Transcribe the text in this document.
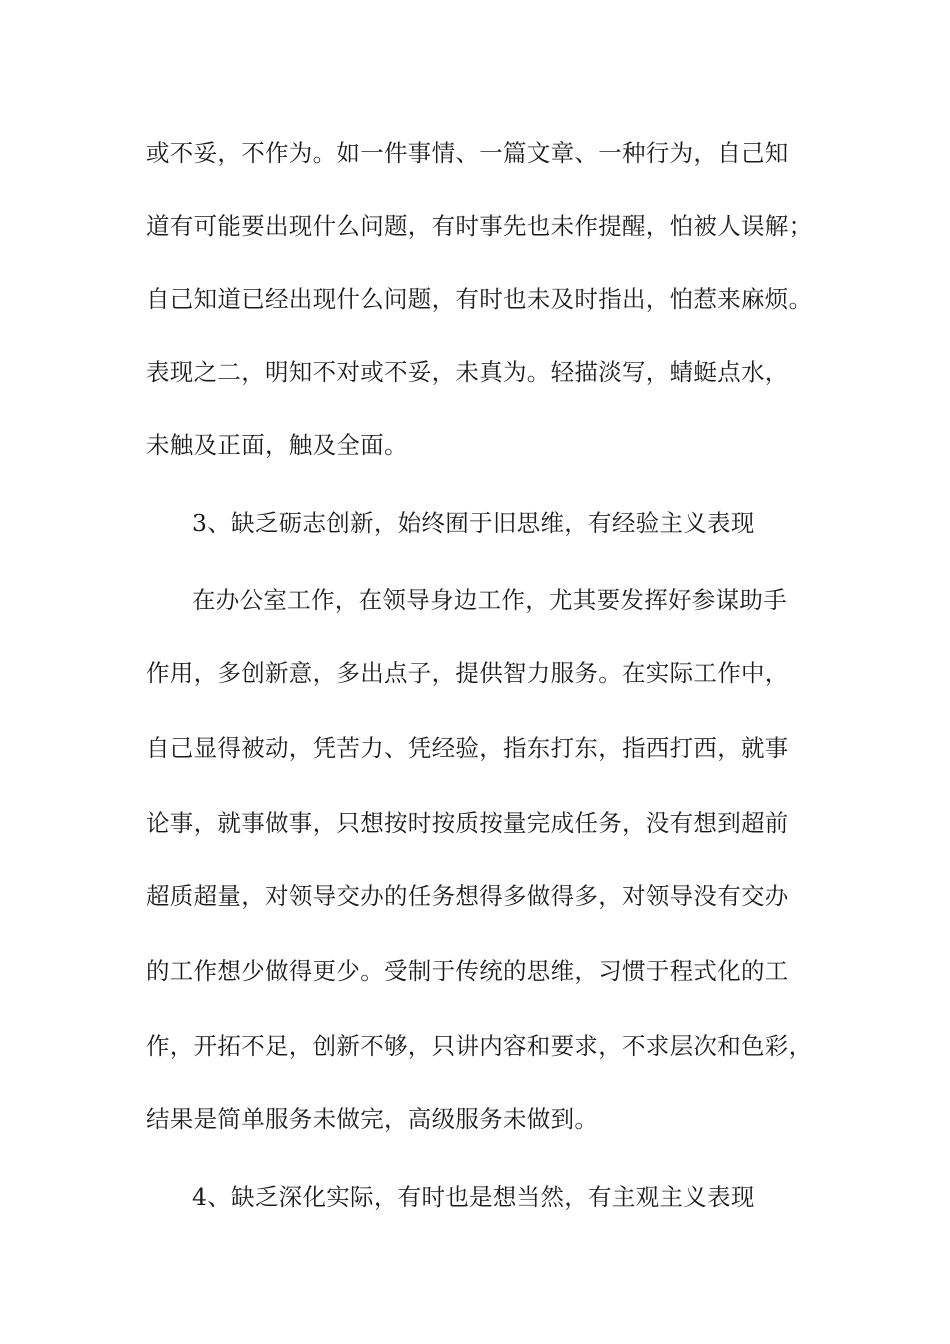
或不妥，不作为。如一件事情、一篇文章、一种行为，自己知
道有可能要出现什么问题，有时事先也未作提醒，怕被人误解；
自己知道已经出现什么问题，有时也未及时指出，怕惹来麻烦。
表现之二，明知不对或不妥，未真为。轻描淡写，蜻蜓点水，
未触及正面，触及全面。
3、缺乏砺志创新，始终囿于旧思维，有经验主义表现
在办公室工作，在领导身边工作，尤其要发挥好参谋助手
作用，多创新意，多出点子，提供智力服务。在实际工作中，
自己显得被动，凭苦力、凭经验，指东打东，指西打西，就事
论事，就事做事，只想按时按质按量完成任务，没有想到超前
超质超量，对领导交办的任务想得多做得多，对领导没有交办
的工作想少做得更少。受制于传统的思维，习惯于程式化的工
作，开拓不足，创新不够，只讲内容和要求，不求层次和色彩，
结果是简单服务未做完，高级服务未做到。
4、缺乏深化实际，有时也是想当然，有主观主义表现
